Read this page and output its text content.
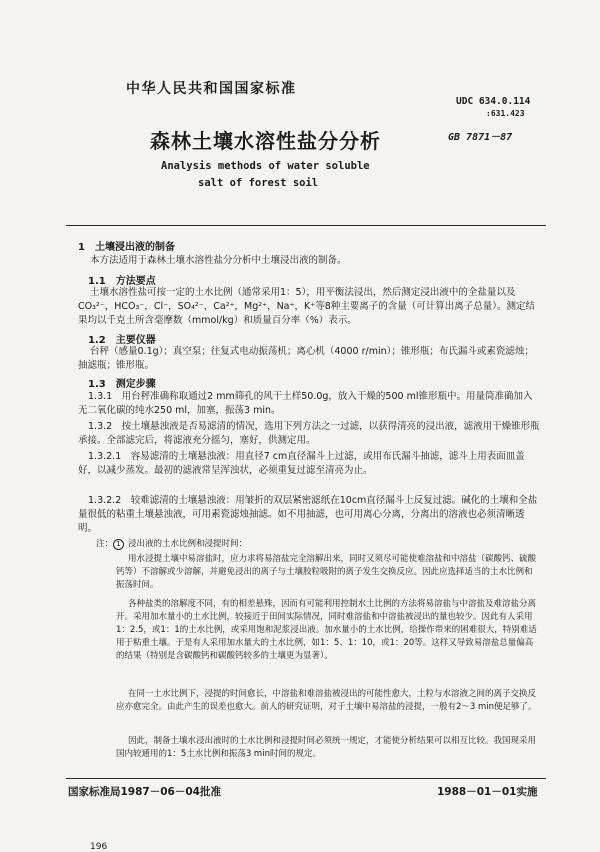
中华人民共和国国家标准
UDC 634.0.114
:631.423
GB 7871－87
森林土壤水溶性盐分分析
Analysis methods of water soluble
salt of forest soil
1　土壤浸出液的制备
本方法适用于森林土壤水溶性盐分分析中土壤浸出液的制备。
1.1　方法要点
土壤水溶性盐可按一定的土水比例（通常采用1：5），用平衡法浸出，然后测定浸出液中的全盐量以及CO₃²⁻，HCO₃⁻，Cl⁻，SO₄²⁻，Ca²⁺，Mg²⁺，Na⁺，K⁺等8种主要离子的含量（可计算出离子总量）。测定结果均以千克土所含毫摩数（mmol/kg）和质量百分率（%）表示。
1.2　主要仪器
台秤（感量0.1g）；真空泵；往复式电动振荡机；离心机（4000 r/min）；锥形瓶；布氏漏斗或素瓷滤烛；抽滤瓶；锥形瓶。
1.3　测定步骤
1.3.1　用台秤准确称取通过2 mm筛孔的风干土样50.0g，放入干燥的500 ml锥形瓶中。用量筒准确加入无二氧化碳的纯水250 ml，加塞，振荡3 min。
1.3.2　按土壤悬浊液是否易滤清的情况，选用下列方法之一过滤，以获得清亮的浸出液，滤液用干燥锥形瓶承接。全部滤完后，将滤液充分摇匀，塞好，供测定用。
1.3.2.1　容易滤清的土壤悬浊液：用直径7 cm直径漏斗上过滤，或用布氏漏斗抽滤，滤斗上用表面皿盖好，以减少蒸发。最初的滤液常呈浑浊状，必须重复过滤至清亮为止。
1.3.2.2　较难滤清的土壤悬浊液：用皱折的双层紧密滤纸在10cm直径漏斗上反复过滤。碱化的土壤和全盐量很低的粘重土壤悬浊液，可用素瓷滤烛抽滤。如不用抽滤，也可用离心分离，分离出的溶液也必须清晰透明。
注： 1 浸出液的土水比例和浸提时间：
用水浸提土壤中易溶盐时，应力求将易溶盐完全溶解出来，同时又须尽可能使难溶盐和中溶盐（碳酸钙、硫酸钙等）不溶解或少溶解，并避免浸出的离子与土壤胶粒吸附的离子发生交换反应。因此应选择适当的土水比例和振荡时间。
各种盐类的溶解度不同，有的相差悬殊，因而有可能利用控制水土比例的方法将易溶盐与中溶盐及难溶盐分离开。采用加水量小的土水比例，较接近于田间实际情况，同时难溶盐和中溶盐被浸出的量也较少。因此有人采用1：2.5，或1：1的土水比例，或采用饱和泥浆浸出液。加水量小的土水比例，给操作带来的困难很大，特别难适用于粘重土壤。于是有人采用加水量大的土水比例，如1：5、1：10，或1：20等。这样又导致易溶盐总量偏高的结果（特别是含碳酸钙和碳酸钙较多的土壤更为显著）。
在同一土水比例下，浸提的时间愈长，中溶盐和难溶盐被浸出的可能性愈大，土粒与水溶液之间的离子交换反应亦愈完全。由此产生的误差也愈大。前人的研究证明，对于土壤中易溶盐的浸提，一般有2～3 min便足够了。
因此，制备土壤水浸出液时的土水比例和浸提时间必须统一规定，才能使分析结果可以相互比较。我国现采用国内较通用的1：5土水比例和振荡3 min时间的规定。
国家标准局1987－06－04批准	1988－01－01实施
196
